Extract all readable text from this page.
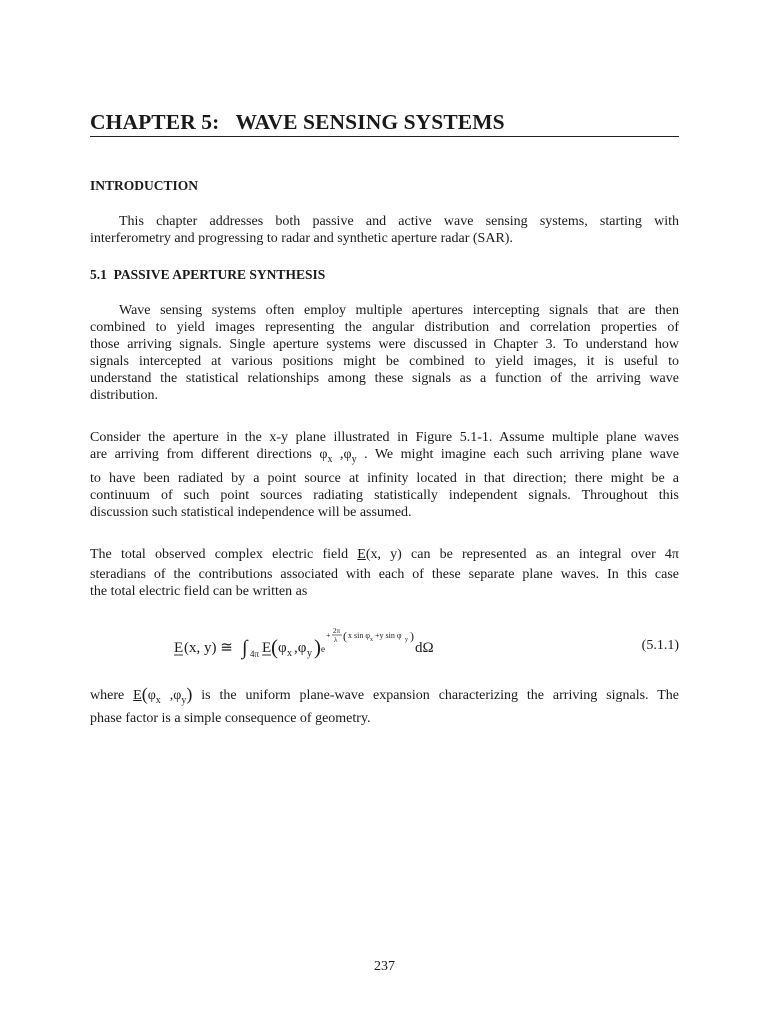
CHAPTER 5:   WAVE SENSING SYSTEMS
INTRODUCTION
This chapter addresses both passive and active wave sensing systems, starting with
interferometry and progressing to radar and synthetic aperture radar (SAR).
5.1  PASSIVE APERTURE SYNTHESIS
Wave sensing systems often employ multiple apertures intercepting signals that are then
combined to yield images representing the angular distribution and correlation properties of
those arriving signals. Single aperture systems were discussed in Chapter 3. To understand how
signals intercepted at various positions might be combined to yield images, it is useful to
understand the statistical relationships among these signals as a function of the arriving wave
distribution.
Consider the aperture in the x-y plane illustrated in Figure 5.1-1. Assume multiple plane waves
are arriving from different directions $\varphi_x$ $,\varphi_y$ . We might imagine each such arriving plane wave
to have been radiated by a point source at infinity located in that direction; there might be a
continuum of such point sources radiating statistically independent signals. Throughout this
discussion such statistical independence will be assumed.
The total observed complex electric field E(x, y) can be represented as an integral over 4π
steradians of the contributions associated with each of these separate plane waves. In this case
the total electric field can be written as
E (x, y) ≅ ∫ 4π E ( φ x ,φ y ) e
+ 2π
λ ( x sin φ x +y sin φ y )
dΩ	(5.1.1)
where $E(\varphi_x$ $,\varphi_y$) is the uniform plane-wave expansion characterizing the arriving signals. The
phase factor is a simple consequence of geometry.
237
